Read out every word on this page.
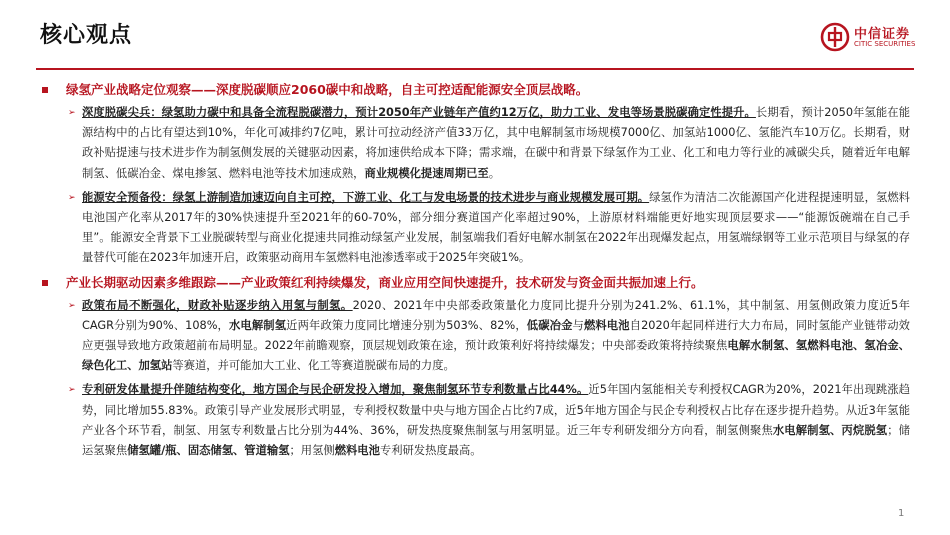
核心观点	中信证券
CITIC SECURITIES
绿氢产业战略定位观察——深度脱碳顺应2060碳中和战略，自主可控适配能源安全顶层战略。
➢ 深度脱碳尖兵：绿氢助力碳中和具备全流程脱碳潜力，预计2050年产业链年产值约12万亿，助力工业、发电等场景脱碳确定性提升。长期看，预计2050年氢能在能源结构中的占比有望达到10%，年化可减排约7亿吨，累计可拉动经济产值33万亿，其中电解制氢市场规模7000亿、加氢站1000亿、氢能汽车10万亿。长期看，财政补贴提速与技术进步作为制氢侧发展的关键驱动因素，将加速供给成本下降；需求端，在碳中和背景下绿氢作为工业、化工和电力等行业的减碳尖兵，随着近年电解制氢、低碳冶金、煤电掺氢、燃料电池等技术加速成熟，商业规模化提速周期已至。
➢ 能源安全预备役：绿氢上游制造加速迈向自主可控，下游工业、化工与发电场景的技术进步与商业规模发展可期。绿氢作为清洁二次能源国产化进程提速明显，氢燃料电池国产化率从2017年的30%快速提升至2021年的60-70%，部分细分赛道国产化率超过90%，上游原材料端能更好地实现顶层要求——“能源饭碗端在自己手里”。能源安全背景下工业脱碳转型与商业化提速共同推动绿氢产业发展，制氢端我们看好电解水制氢在2022年出现爆发起点，用氢端绿钢等工业示范项目与绿氢的存量替代可能在2023年加速开启，政策驱动商用车氢燃料电池渗透率或于2025年突破1%。
产业长期驱动因素多维跟踪——产业政策红利持续爆发，商业应用空间快速提升，技术研发与资金面共振加速上行。
➢ 政策布局不断强化，财政补贴逐步纳入用氢与制氢。2020、2021年中央部委政策量化力度同比提升分别为241.2%、61.1%，其中制氢、用氢侧政策力度近5年CAGR分别为90%、108%，水电解制氢近两年政策力度同比增速分别为503%、82%，低碳冶金与燃料电池自2020年起同样进行大力布局，同时氢能产业链带动效应更强导致地方政策超前布局明显。2022年前瞻观察，顶层规划政策在途，预计政策利好将持续爆发；中央部委政策将持续聚焦电解水制氢、氢燃料电池、氢冶金、绿色化工、加氢站等赛道，并可能加大工业、化工等赛道脱碳布局的力度。
➢ 专利研发体量提升伴随结构变化，地方国企与民企研发投入增加，聚焦制氢环节专利数量占比44%。近5年国内氢能相关专利授权CAGR为20%，2021年出现跳涨趋势，同比增加55.83%。政策引导产业发展形式明显，专利授权数量中央与地方国企占比约7成，近5年地方国企与民企专利授权占比存在逐步提升趋势。从近3年氢能产业各个环节看，制氢、用氢专利数量占比分别为44%、36%，研发热度聚焦制氢与用氢明显。近三年专利研发细分方向看，制氢侧聚焦水电解制氢、丙烷脱氢；储运氢聚焦储氢罐/瓶、固态储氢、管道输氢；用氢侧燃料电池专利研发热度最高。
1
